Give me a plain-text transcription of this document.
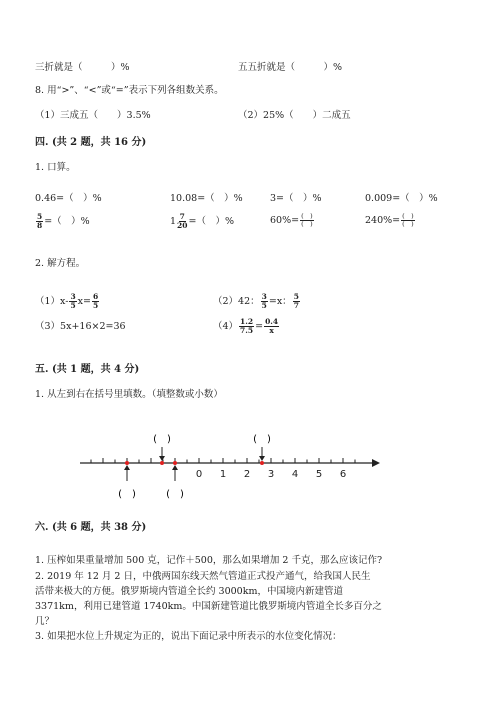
三折就是（　　　）%	五五折就是（　　　）%
8. 用“>”、“<”或“=”表示下列各组数关系。
（1）三成五（　　）3.5%	（2）25%（　　）二成五
四. (共 2 题，共 16 分)
1. 口算。
0.46=（　）%	10.08=（　）%	3=（　）%	0.009=（　）%
$\frac{5}{8}$ =（　）%	$1 \frac{7}{20}$ =（　）%	$60\%= \frac{( )}{( )}$	$240\%= \frac{( )}{( )}$
2. 解方程。
$(1)x- \frac{3}{5} x= \frac{6}{5}$	（2）42： $\frac{3}{5} =x$： $\frac{5}{7}$
（3）5x+16×2=36	$(4) \frac{1.2}{7.5} = \frac{0.4}{x}$
五. (共 1 题，共 4 分)
1. 从左到右在括号里填数。（填整数或小数）
0 1 2 3 4 5 6
(　)	(　)
(　)	(　)
六. (共 6 题，共 38 分)
1. 压榨如果重量增加 500 克，记作＋500，那么如果增加 2 千克，那么应该记作?
2. 2019 年 12 月 2 日，中俄两国东线天然气管道正式投产通气，给我国人民生
活带来极大的方便。俄罗斯境内管道全长约 3000km，中国境内新建管道
3371km，利用已建管道 1740km。中国新建管道比俄罗斯境内管道全长多百分之
几？
3. 如果把水位上升规定为正的，说出下面记录中所表示的水位变化情况：
